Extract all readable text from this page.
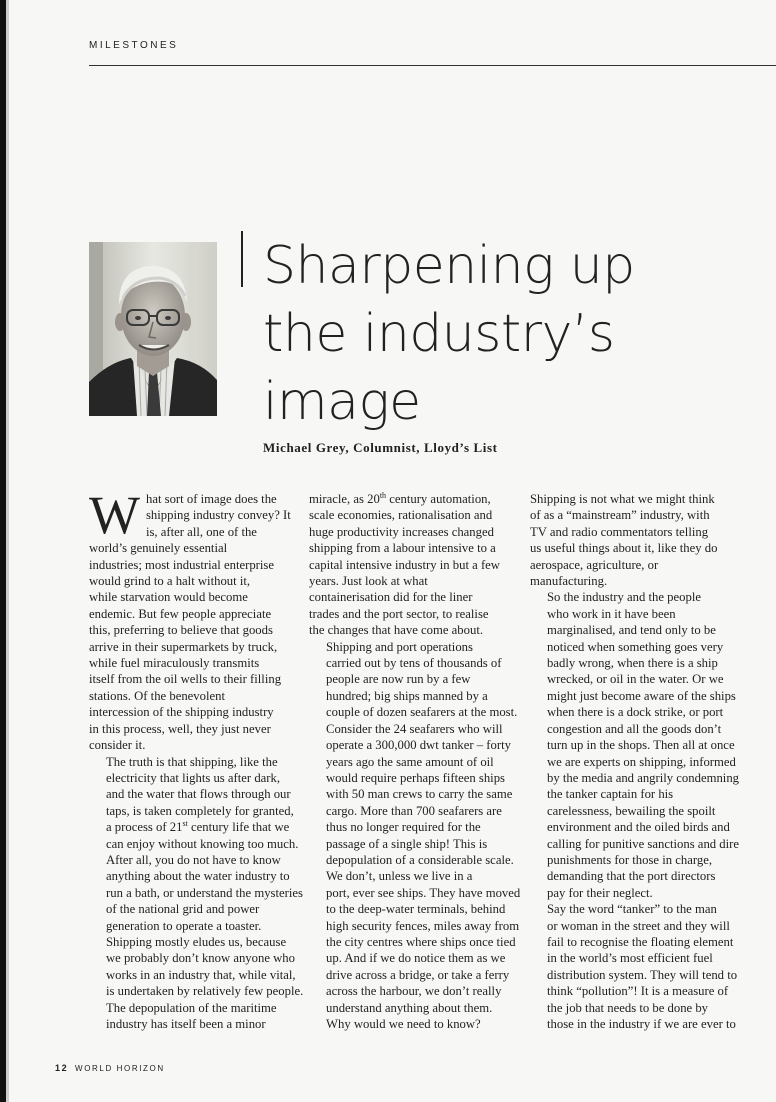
MILESTONES
Sharpening up
the industry’s
image
Michael Grey, Columnist, Lloyd’s List

W hat sort of image does the
shipping industry convey? It
is, after all, one of the
world’s genuinely essential
industries; most industrial enterprise
would grind to a halt without it,
while starvation would become
endemic. But few people appreciate
this, preferring to believe that goods
arrive in their supermarkets by truck,
while fuel miraculously transmits
itself from the oil wells to their filling
stations. Of the benevolent
intercession of the shipping industry
in this process, well, they just never
consider it.

The truth is that shipping, like the
electricity that lights us after dark,
and the water that flows through our
taps, is taken completely for granted,
a process of 21st century life that we
can enjoy without knowing too much.
After all, you do not have to know
anything about the water industry to
run a bath, or understand the mysteries
of the national grid and power
generation to operate a toaster.

Shipping mostly eludes us, because
we probably don’t know anyone who
works in an industry that, while vital,
is undertaken by relatively few people.
The depopulation of the maritime
industry has itself been a minor

miracle, as 20th century automation,
scale economies, rationalisation and
huge productivity increases changed
shipping from a labour intensive to a
capital intensive industry in but a few
years. Just look at what
containerisation did for the liner
trades and the port sector, to realise
the changes that have come about.

Shipping and port operations
carried out by tens of thousands of
people are now run by a few
hundred; big ships manned by a
couple of dozen seafarers at the most.
Consider the 24 seafarers who will
operate a 300,000 dwt tanker – forty
years ago the same amount of oil
would require perhaps fifteen ships
with 50 man crews to carry the same
cargo. More than 700 seafarers are
thus no longer required for the
passage of a single ship! This is
depopulation of a considerable scale.

We don’t, unless we live in a
port, ever see ships. They have moved
to the deep-water terminals, behind
high security fences, miles away from
the city centres where ships once tied
up. And if we do notice them as we
drive across a bridge, or take a ferry
across the harbour, we don’t really
understand anything about them.
Why would we need to know?

Shipping is not what we might think
of as a “mainstream” industry, with
TV and radio commentators telling
us useful things about it, like they do
aerospace, agriculture, or
manufacturing.

So the industry and the people
who work in it have been
marginalised, and tend only to be
noticed when something goes very
badly wrong, when there is a ship
wrecked, or oil in the water. Or we
might just become aware of the ships
when there is a dock strike, or port
congestion and all the goods don’t
turn up in the shops. Then all at once
we are experts on shipping, informed
by the media and angrily condemning
the tanker captain for his
carelessness, bewailing the spoilt
environment and the oiled birds and
calling for punitive sanctions and dire
punishments for those in charge,
demanding that the port directors
pay for their neglect.

Say the word “tanker” to the man
or woman in the street and they will
fail to recognise the floating element
in the world’s most efficient fuel
distribution system. They will tend to
think “pollution”! It is a measure of
the job that needs to be done by
those in the industry if we are ever to

12 WORLD HORIZON
